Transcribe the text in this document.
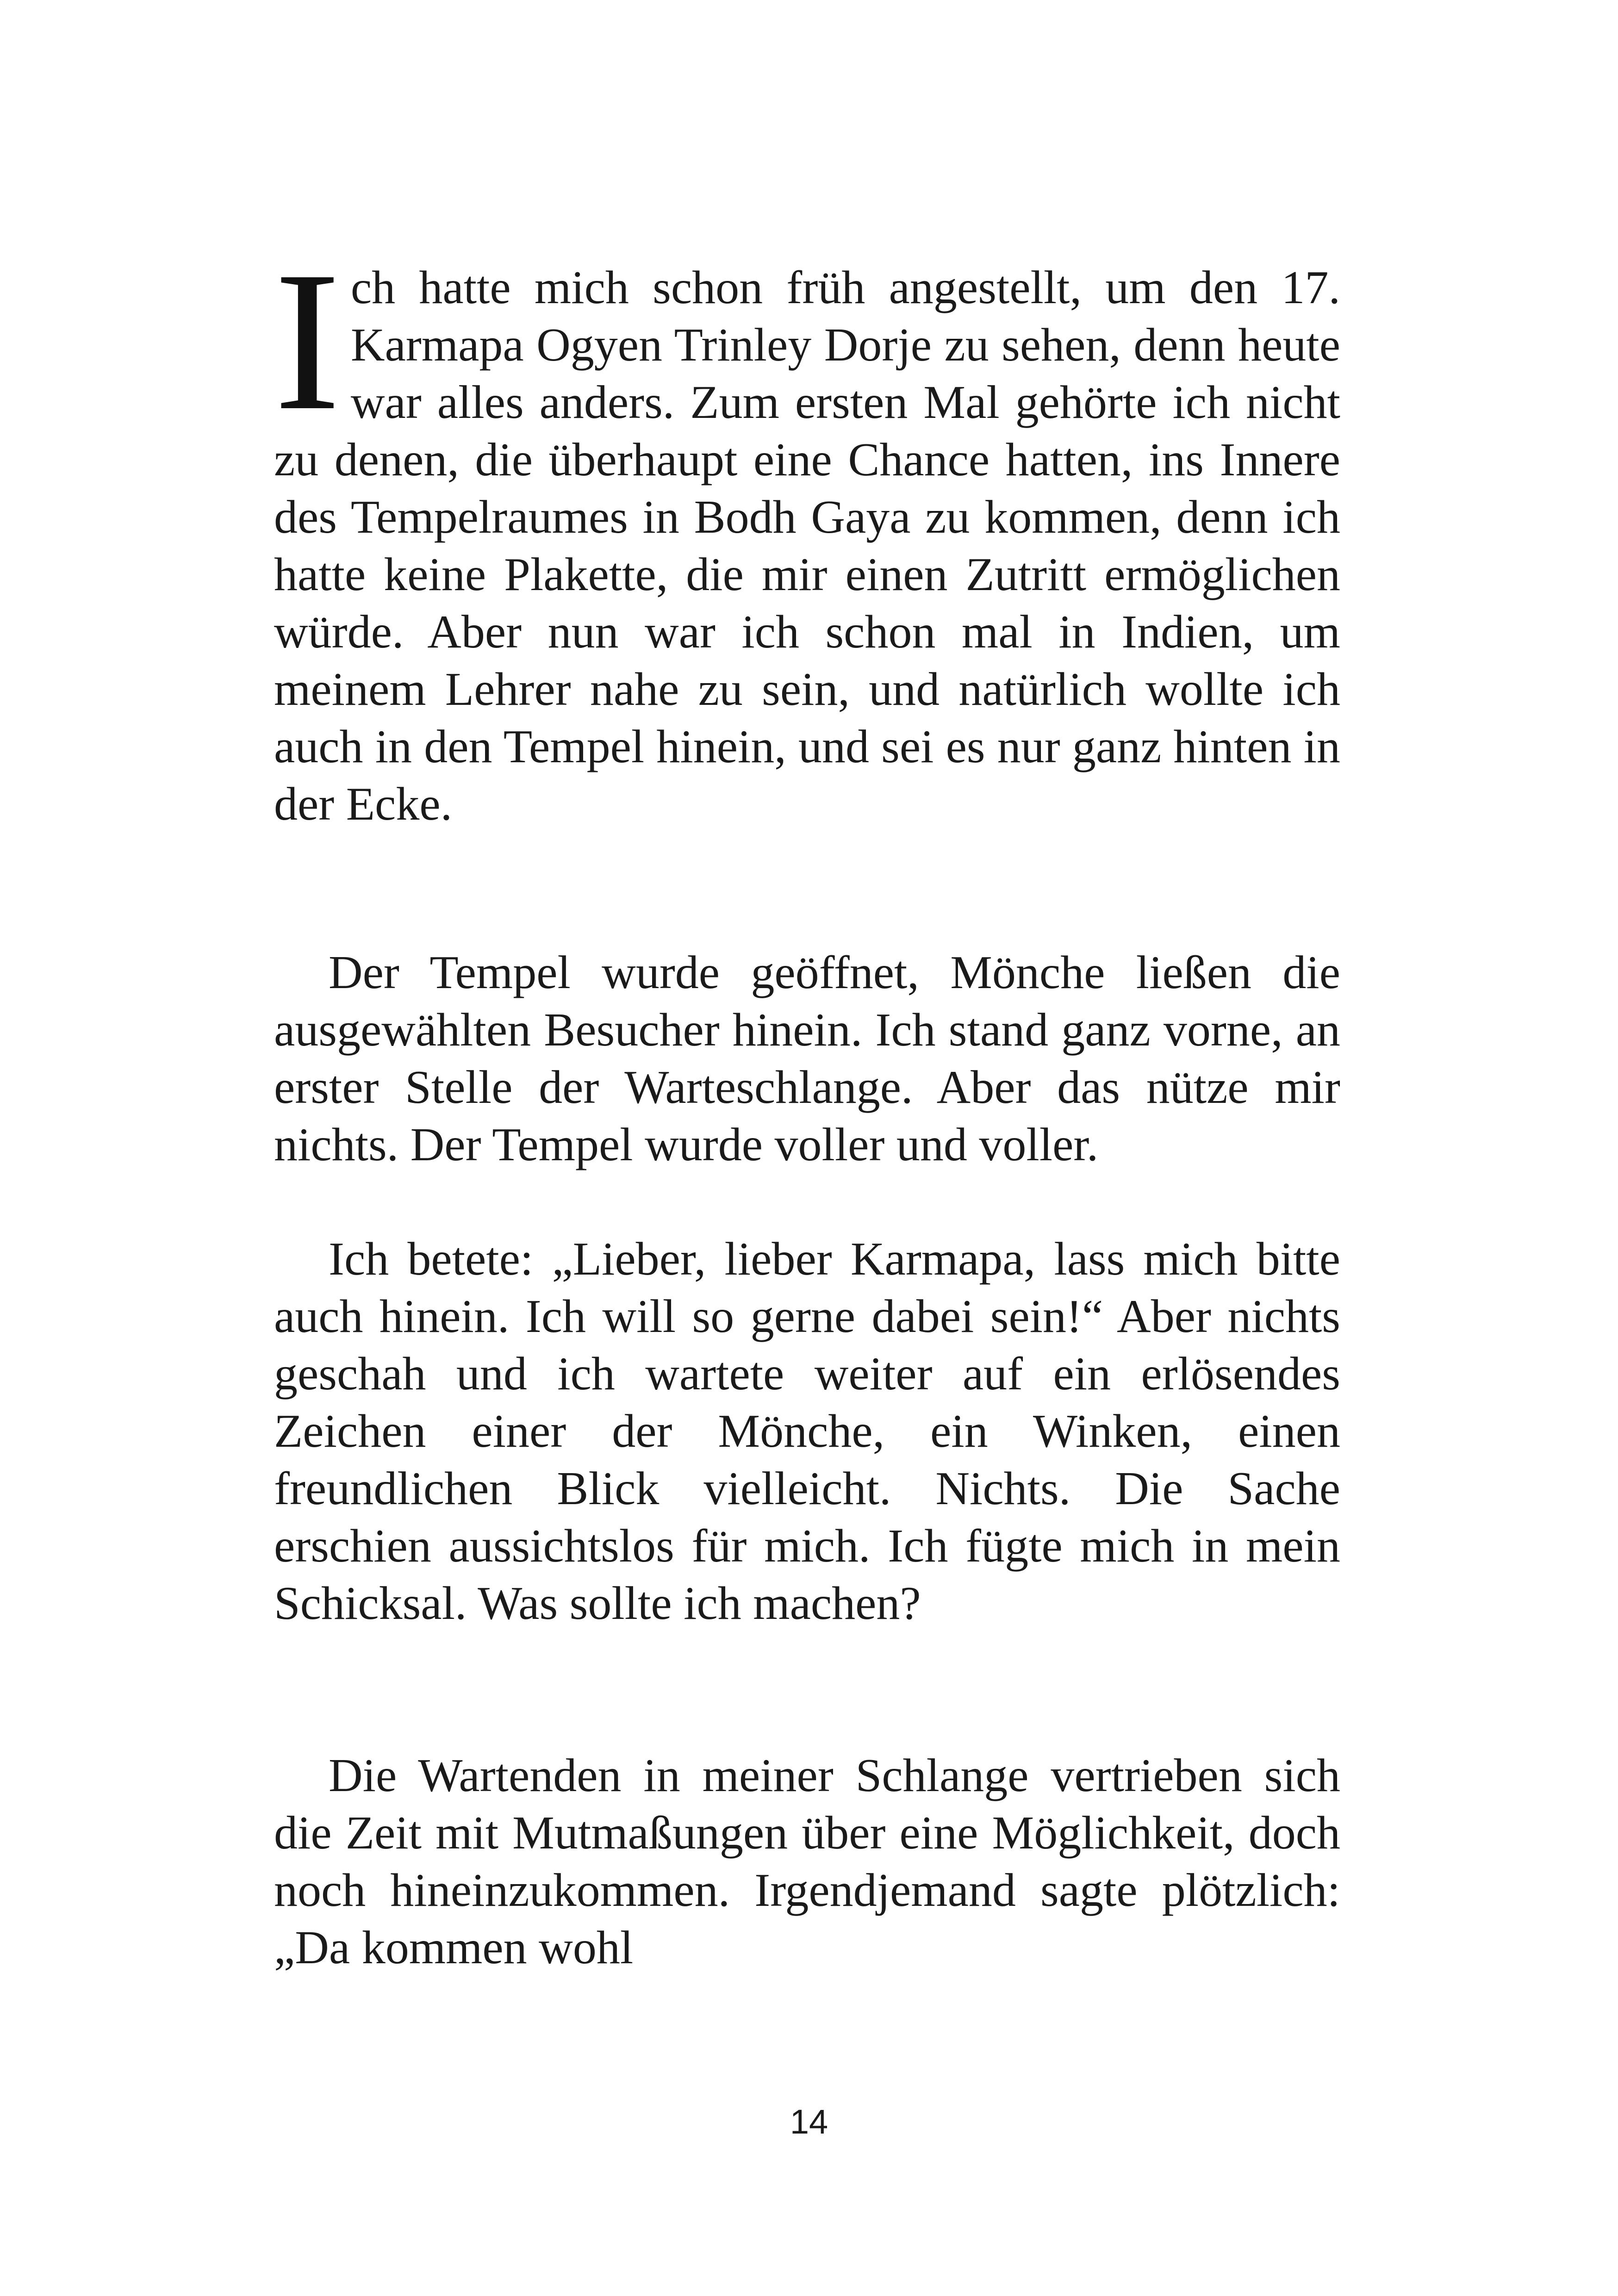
Ich hatte mich schon früh angestellt, um den 17. Karmapa Ogyen Trinley Dorje zu sehen, denn heute war alles anders. Zum ersten Mal gehörte ich nicht zu denen, die überhaupt eine Chance hatten, ins Innere des Tempelraumes in Bodh Gaya zu kommen, denn ich hatte keine Plakette, die mir einen Zutritt ermöglichen würde. Aber nun war ich schon mal in Indien, um meinem Lehrer nahe zu sein, und natürlich wollte ich auch in den Tempel hinein, und sei es nur ganz hinten in der Ecke.

Der Tempel wurde geöffnet, Mönche ließen die ausgewählten Besucher hinein. Ich stand ganz vorne, an erster Stelle der Warteschlange. Aber das nütze mir nichts. Der Tempel wurde voller und voller.

Ich betete: „Lieber, lieber Karmapa, lass mich bitte auch hinein. Ich will so gerne dabei sein!“ Aber nichts geschah und ich wartete weiter auf ein erlösendes Zeichen einer der Mönche, ein Winken, einen freundlichen Blick vielleicht. Nichts. Die Sache erschien aussichtslos für mich. Ich fügte mich in mein Schicksal. Was sollte ich machen?

Die Wartenden in meiner Schlange vertrieben sich die Zeit mit Mutmaßungen über eine Möglichkeit, doch noch hineinzukommen. Irgendjemand sagte plötzlich: „Da kommen wohl

14
